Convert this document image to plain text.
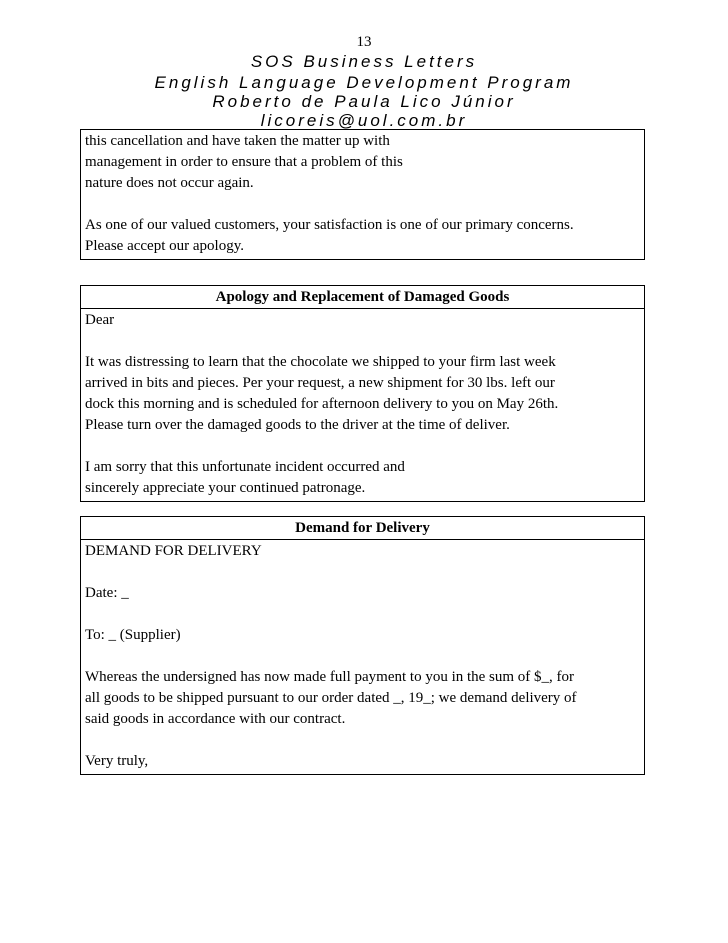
13
SOS Business Letters
English Language Development Program
Roberto de Paula Lico Júnior
licoreis@uol.com.br

this cancellation and have taken the matter up with

management in order to ensure that a problem of this

nature does not occur again.

As one of our valued customers, your satisfaction is one of our primary concerns.

Please accept our apology.

Apology and Replacement of Damaged Goods

Dear

It was distressing to learn that the chocolate we shipped to your firm last week

arrived in bits and pieces. Per your request, a new shipment for 30 lbs. left our

dock this morning and is scheduled for afternoon delivery to you on May 26th.

Please turn over the damaged goods to the driver at the time of deliver.

I am sorry that this unfortunate incident occurred and

sincerely appreciate your continued patronage.

Demand for Delivery

DEMAND FOR DELIVERY

Date: _

To: _ (Supplier)

Whereas the undersigned has now made full payment to you in the sum of $_, for

all goods to be shipped pursuant to our order dated _, 19_; we demand delivery of

said goods in accordance with our contract.

Very truly,
